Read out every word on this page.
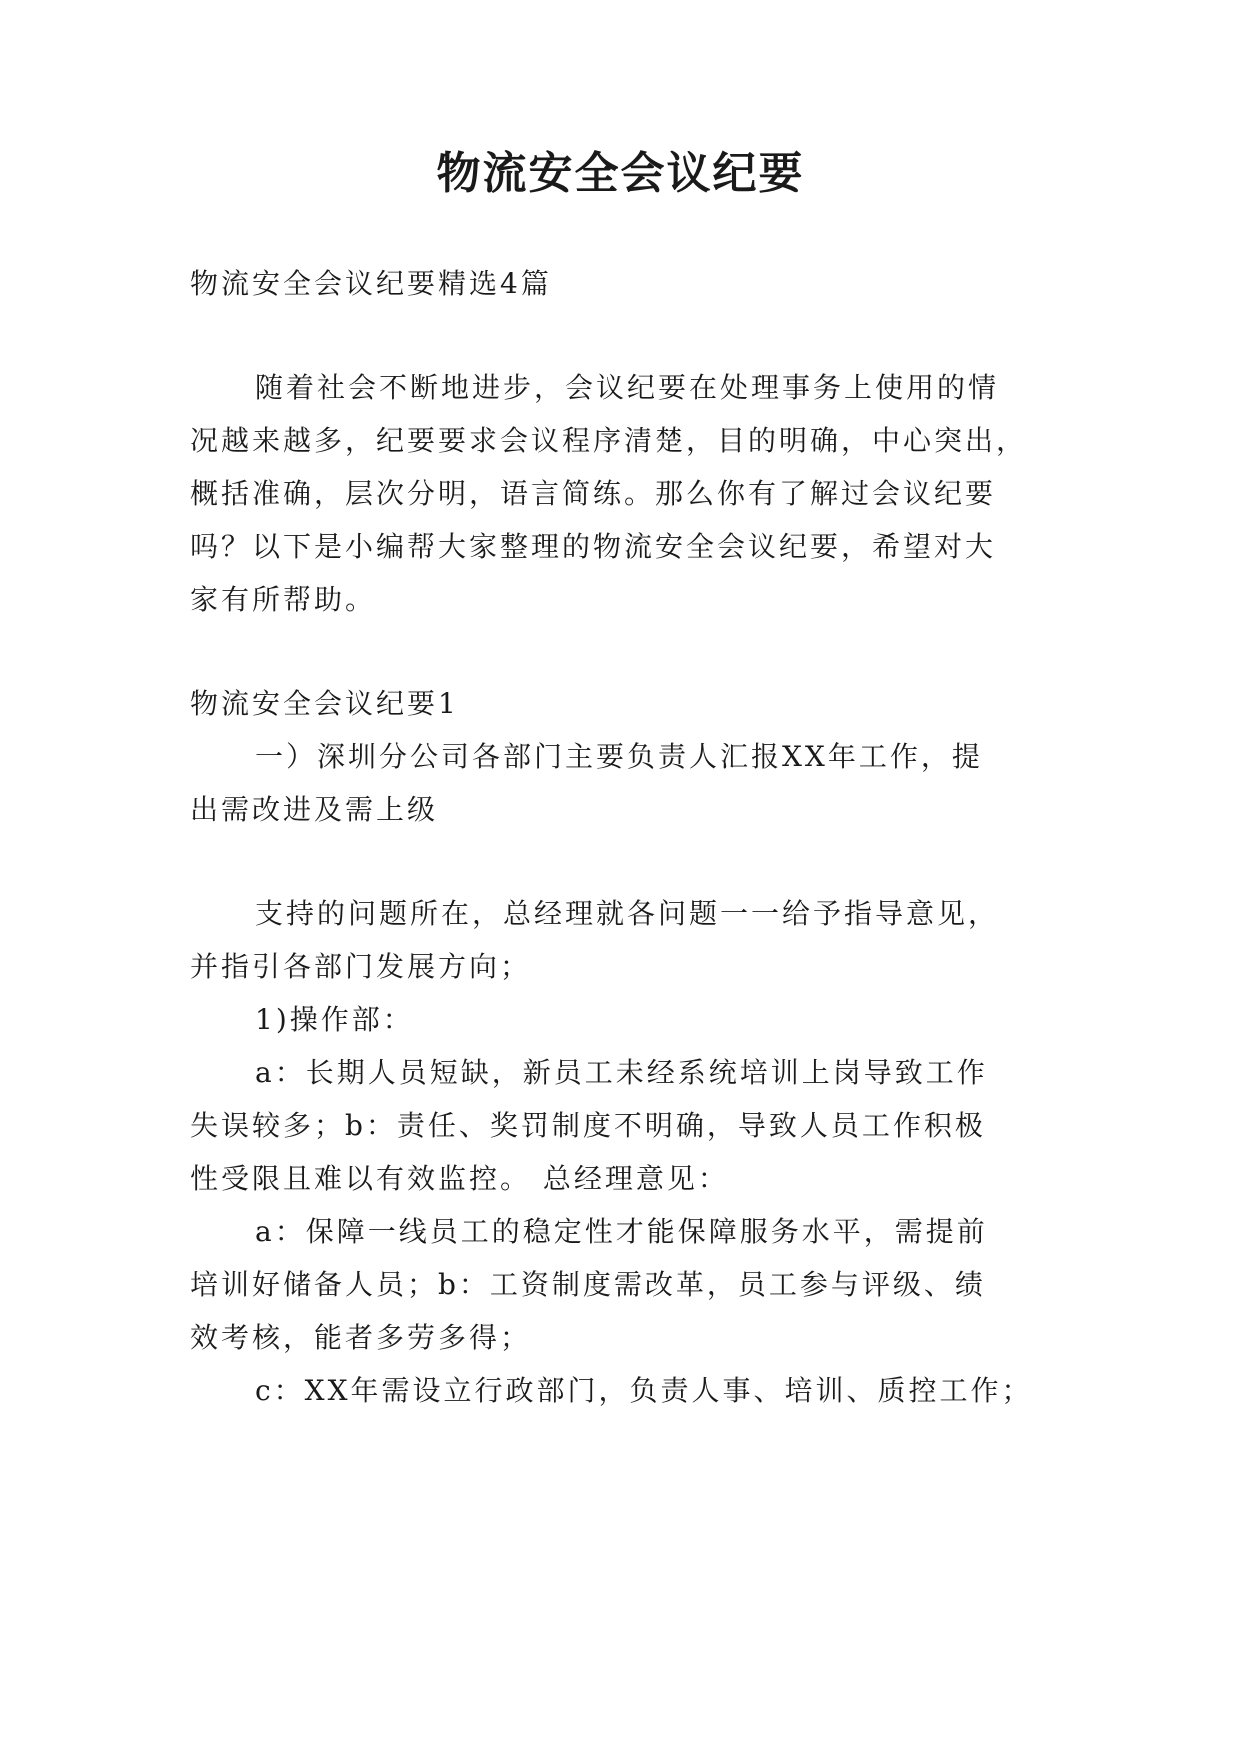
物流安全会议纪要
物流安全会议纪要精选4篇
随着社会不断地进步，会议纪要在处理事务上使用的情
况越来越多，纪要要求会议程序清楚，目的明确，中心突出，
概括准确，层次分明，语言简练。那么你有了解过会议纪要
吗？以下是小编帮大家整理的物流安全会议纪要，希望对大
家有所帮助。
物流安全会议纪要1
一）深圳分公司各部门主要负责人汇报XX年工作，提
出需改进及需上级
支持的问题所在，总经理就各问题一一给予指导意见，
并指引各部门发展方向；
1)操作部：
a：长期人员短缺，新员工未经系统培训上岗导致工作
失误较多；b：责任、奖罚制度不明确，导致人员工作积极
性受限且难以有效监控。 总经理意见：
a：保障一线员工的稳定性才能保障服务水平，需提前
培训好储备人员；b：工资制度需改革，员工参与评级、绩
效考核，能者多劳多得；
c：XX年需设立行政部门，负责人事、培训、质控工作；
